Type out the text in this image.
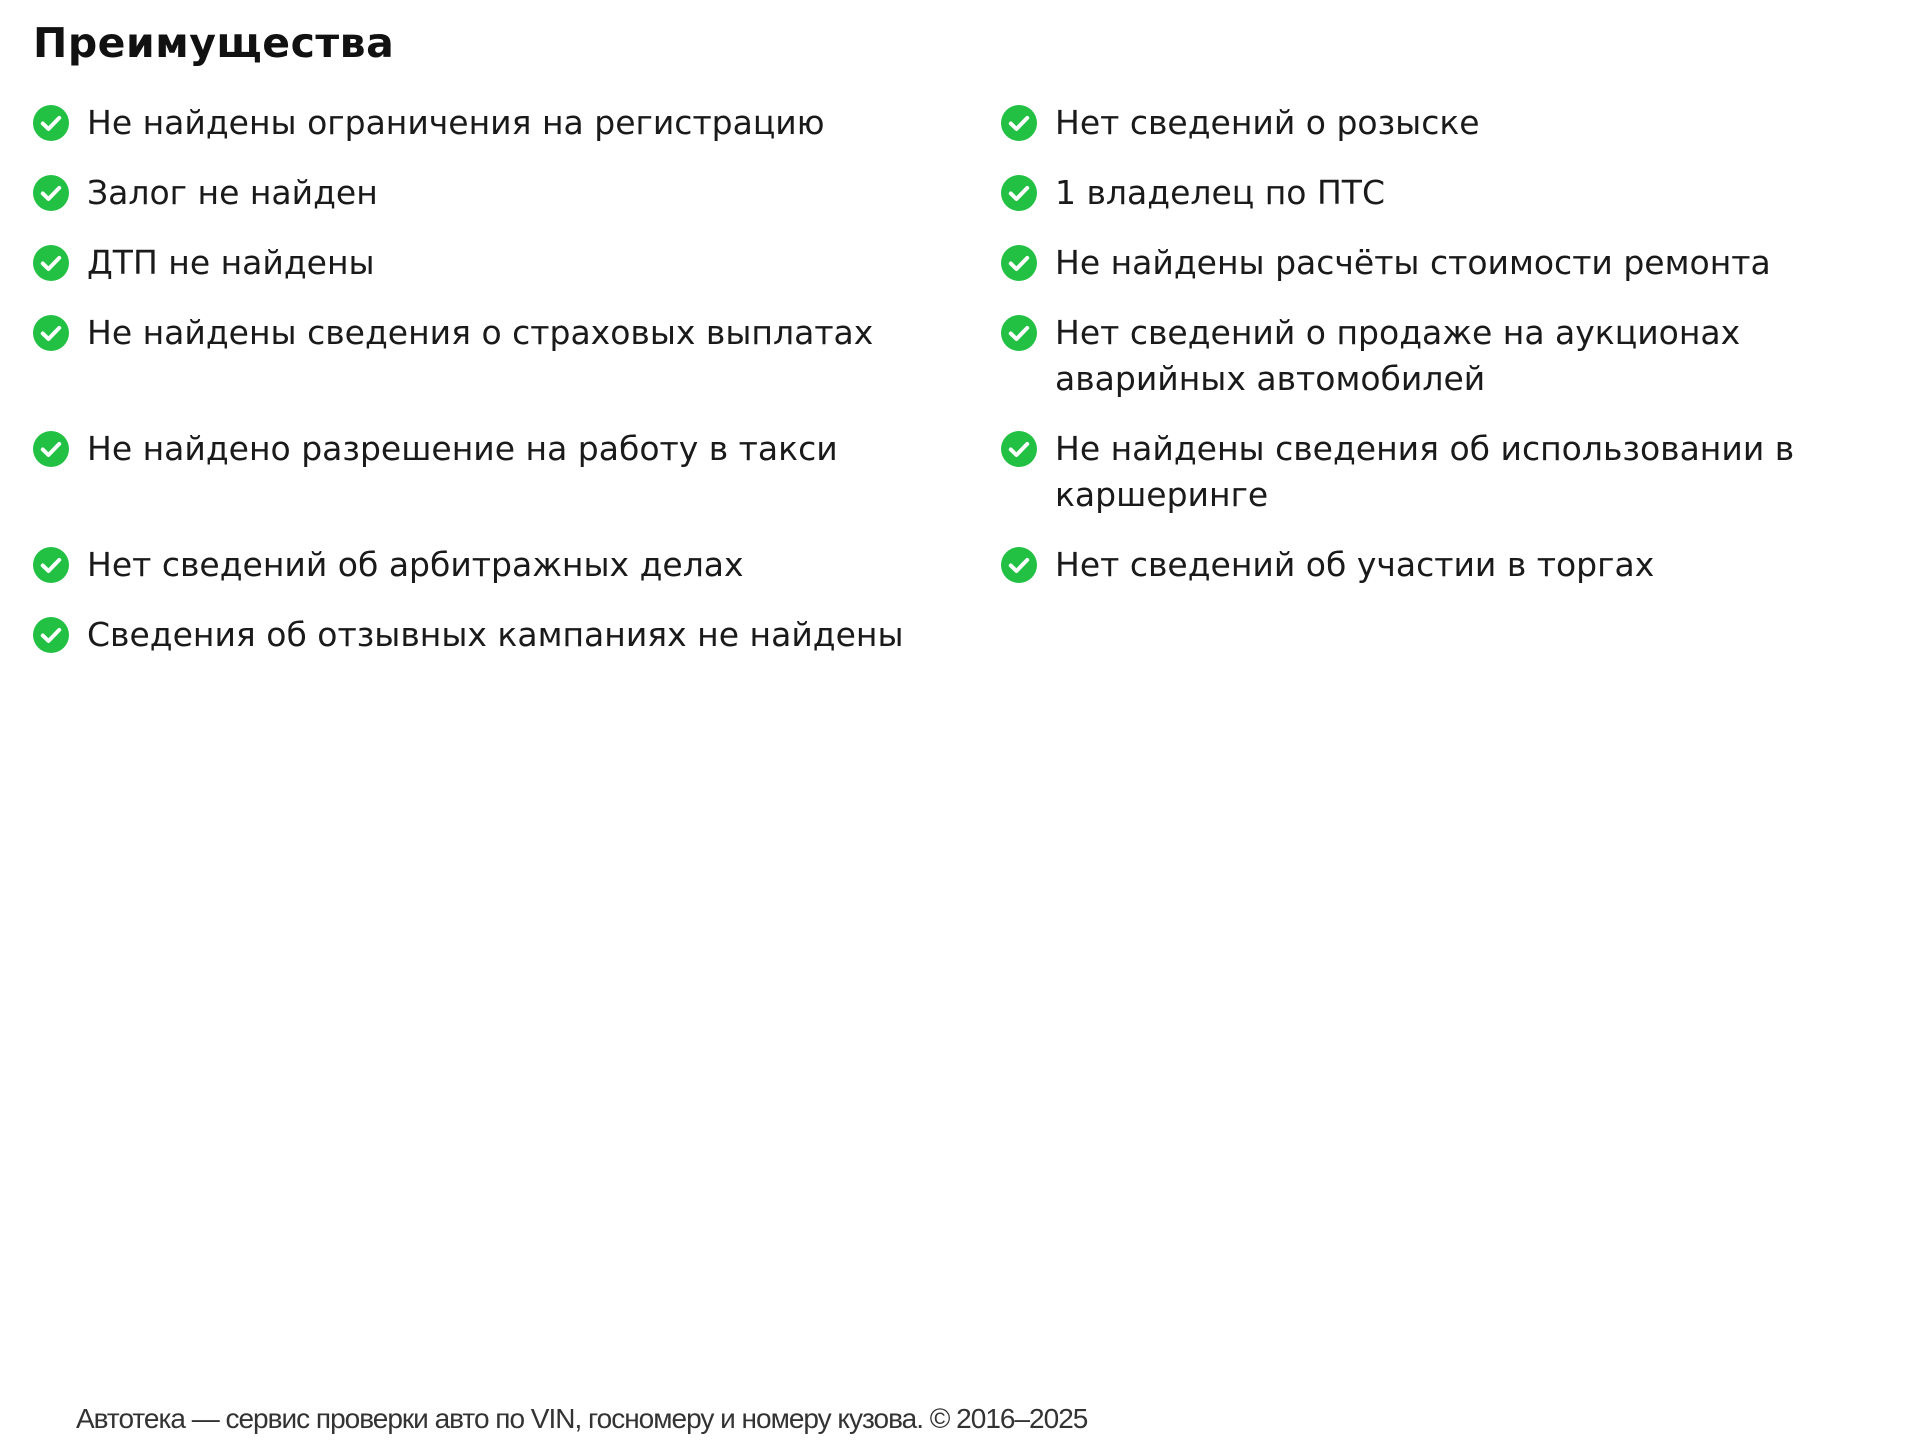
Преимущества
Не найдены ограничения на регистрацию
Залог не найден
ДТП не найдены
Не найдены сведения о страховых выплатах
Не найдено разрешение на работу в такси
Нет сведений об арбитражных делах
Сведения об отзывных кампаниях не найдены
Нет сведений о розыске
1 владелец по ПТС
Не найдены расчёты стоимости ремонта
Нет сведений о продаже на аукционах аварийных автомобилей
Не найдены сведения об использовании в каршеринге
Нет сведений об участии в торгах

Автотека — сервис проверки авто по VIN, госномеру и номеру кузова. © 2016–2025
